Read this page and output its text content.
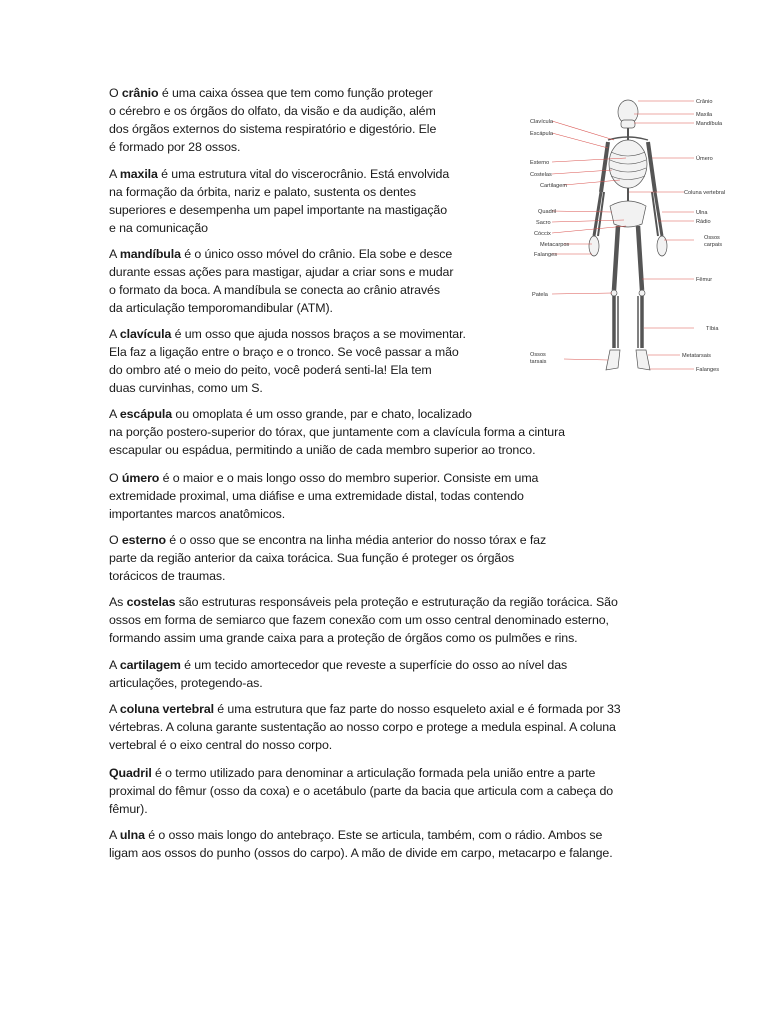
O crânio é uma caixa óssea que tem como função proteger
o cérebro e os órgãos do olfato, da visão e da audição, além
dos órgãos externos do sistema respiratório e digestório. Ele
é formado por 28 ossos.
A maxila é uma estrutura vital do viscerocrânio. Está envolvida
na formação da órbita, nariz e palato, sustenta os dentes
superiores e desempenha um papel importante na mastigação
e na comunicação
A mandíbula é o único osso móvel do crânio. Ela sobe e desce
durante essas ações para mastigar, ajudar a criar sons e mudar
o formato da boca. A mandíbula se conecta ao crânio através
da articulação temporomandibular (ATM).
A clavícula é um osso que ajuda nossos braços a se movimentar.
Ela faz a ligação entre o braço e o tronco. Se você passar a mão
do ombro até o meio do peito, você poderá senti-la! Ela tem
duas curvinhas, como um S.
A escápula ou omoplata é um osso grande, par e chato, localizado
na porção postero-superior do tórax, que juntamente com a clavícula forma a cintura
escapular ou espádua, permitindo a união de cada membro superior ao tronco.
O úmero é o maior e o mais longo osso do membro superior. Consiste em uma
extremidade proximal, uma diáfise e uma extremidade distal, todas contendo
importantes marcos anatômicos.
O esterno é o osso que se encontra na linha média anterior do nosso tórax e faz
parte da região anterior da caixa torácica. Sua função é proteger os órgãos
torácicos de traumas.
As costelas são estruturas responsáveis pela proteção e estruturação da região torácica. São
ossos em forma de semiarco que fazem conexão com um osso central denominado esterno,
formando assim uma grande caixa para a proteção de órgãos como os pulmões e rins.
A cartilagem é um tecido amortecedor que reveste a superfície do osso ao nível das
articulações, protegendo-as.
A coluna vertebral é uma estrutura que faz parte do nosso esqueleto axial e é formada por 33
vértebras. A coluna garante sustentação ao nosso corpo e protege a medula espinal. A coluna
vertebral é o eixo central do nosso corpo.
Quadril é o termo utilizado para denominar a articulação formada pela união entre a parte
proximal do fêmur (osso da coxa) e o acetábulo (parte da bacia que articula com a cabeça do
fêmur).
A ulna é o osso mais longo do antebraço. Este se articula, também, com o rádio. Ambos se
ligam aos ossos do punho (ossos do carpo). A mão de divide em carpo, metacarpo e falange.
Clavícula
Escápula
Esterno
Costelas
Cartilagem
Quadril
Sacro
Cóccix
Metacarpos
Falanges
Patela
Ossos
tarsais
Crânio
Maxila
Mandíbula
Úmero
Coluna vertebral
Ulna
Rádio
Ossos
carpais
Fêmur
Tíbia
Metatarsais
Falanges
